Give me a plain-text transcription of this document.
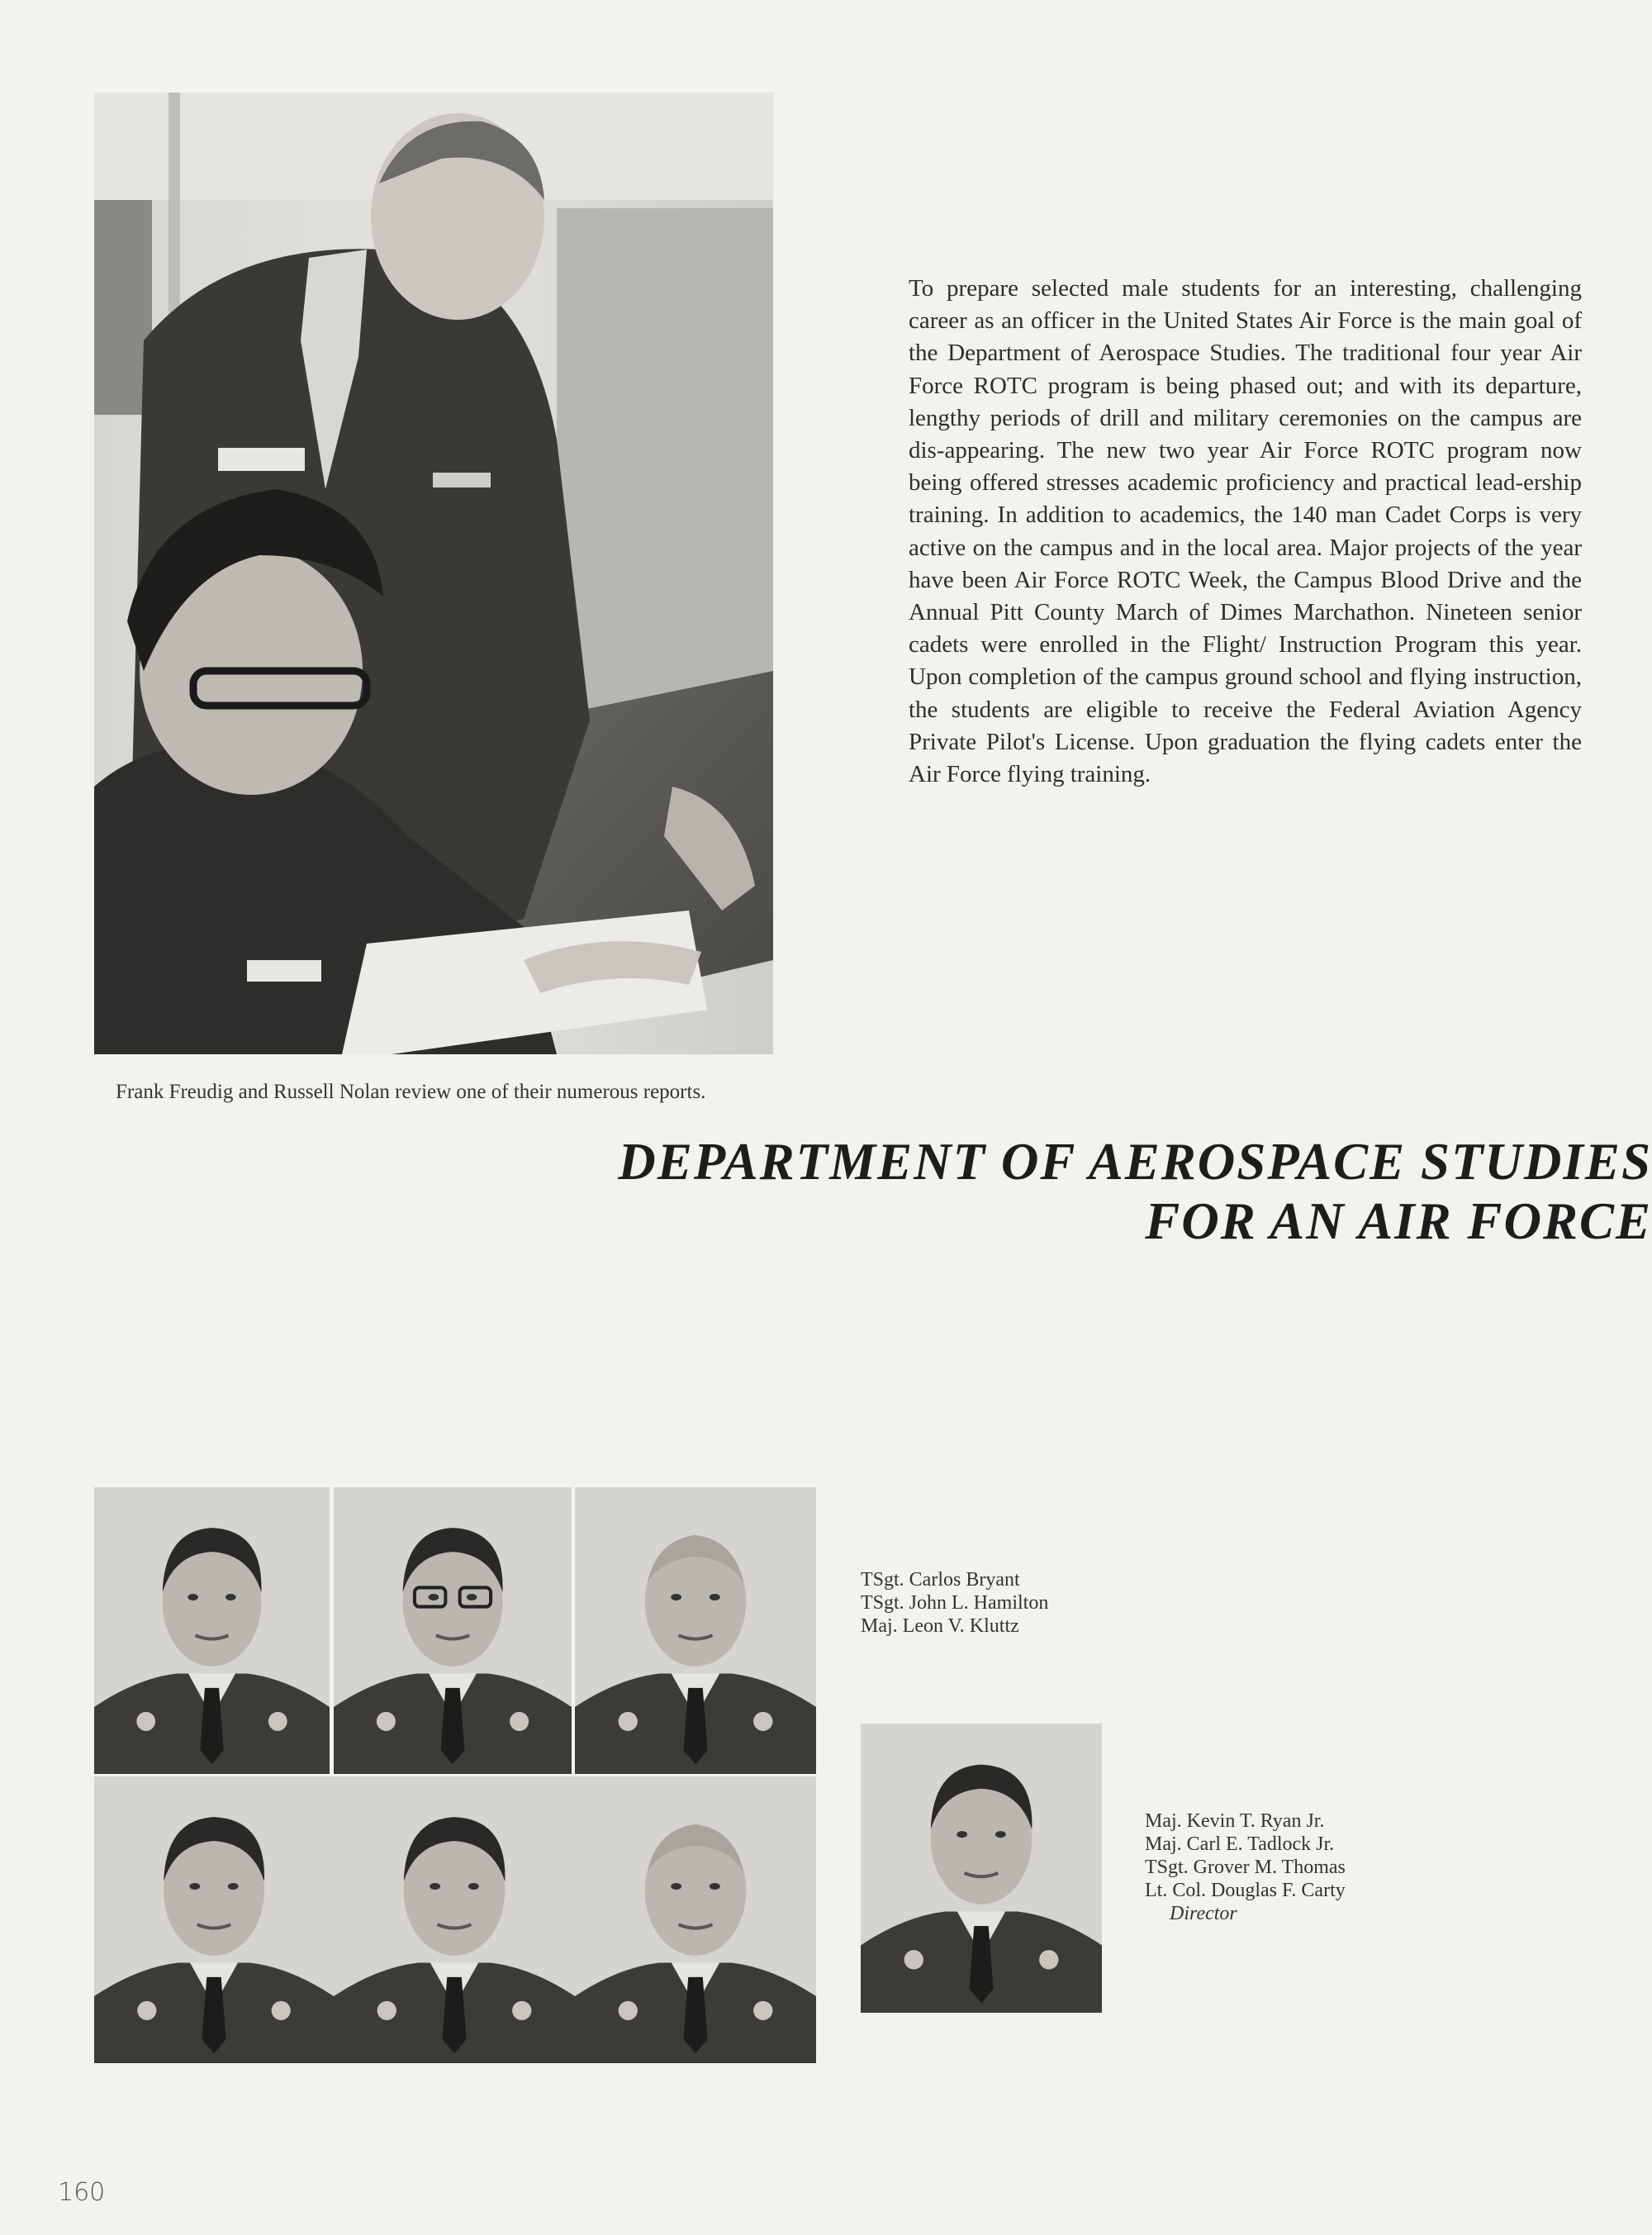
Frank Freudig and Russell Nolan review one of their numerous reports.

To prepare selected male students for an interesting, challenging career as an officer in the United States Air Force is the main goal of the Department of Aerospace Studies. The traditional four year Air Force ROTC program is being phased out; and with its departure, lengthy periods of drill and military ceremonies on the campus are dis-appearing. The new two year Air Force ROTC program now being offered stresses academic proficiency and practical lead-ership training. In addition to academics, the 140 man Cadet Corps is very active on the campus and in the local area. Major projects of the year have been Air Force ROTC Week, the Campus Blood Drive and the Annual Pitt County March of Dimes Marchathon. Nineteen senior cadets were enrolled in the Flight/ Instruction Program this year. Upon completion of the campus ground school and flying instruction, the students are eligible to receive the Federal Aviation Agency Private Pilot's License. Upon graduation the flying cadets enter the Air Force flying training.

DEPARTMENT OF AEROSPACE STUDIES
FOR AN AIR FORCE
TSgt. Carlos Bryant
TSgt. John L. Hamilton
Maj. Leon V. Kluttz
Maj. Kevin T. Ryan Jr.
Maj. Carl E. Tadlock Jr.
TSgt. Grover M. Thomas
Lt. Col. Douglas F. Carty
Director
160
